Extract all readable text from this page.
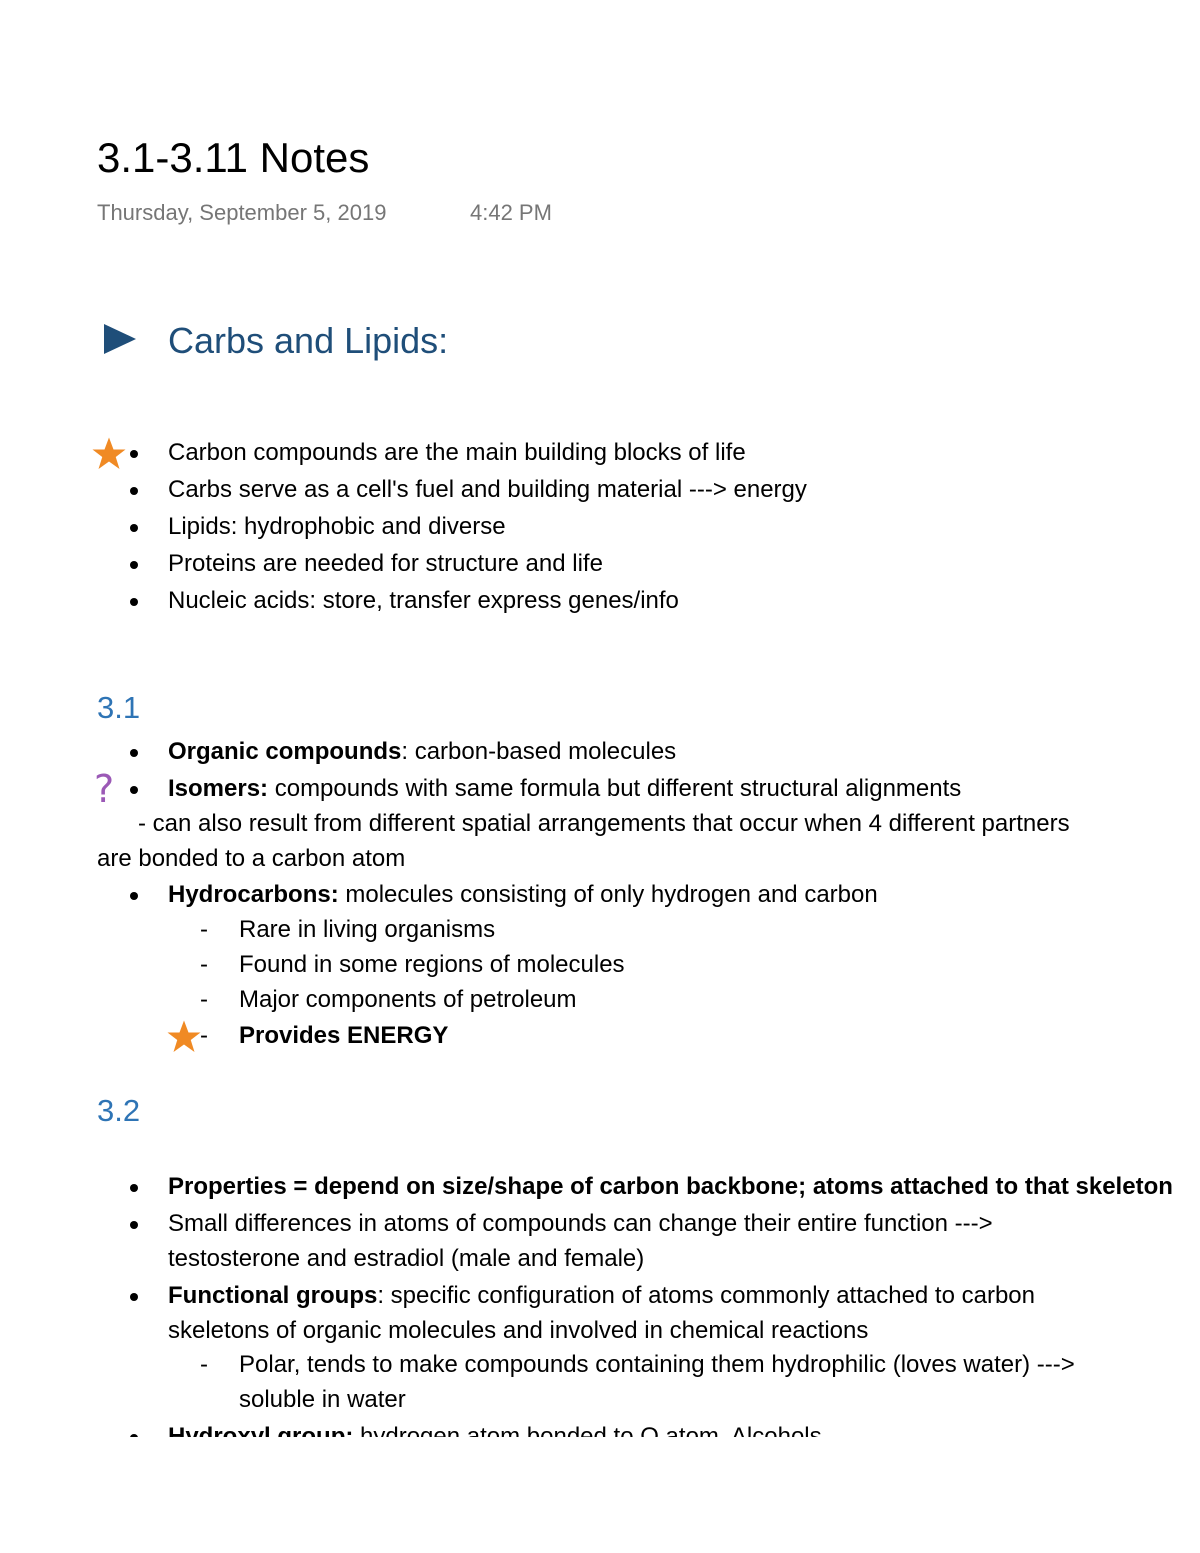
3.1-3.11 Notes
Thursday, September 5, 2019	4:42 PM
Carbs and Lipids:
Carbon compounds are the main building blocks of life
Carbs serve as a cell's fuel and building material ---> energy
Lipids: hydrophobic and diverse
Proteins are needed for structure and life
Nucleic acids: store, transfer express genes/info
3.1
Organic compounds: carbon-based molecules
? Isomers: compounds with same formula but different structural alignments
- can also result from different spatial arrangements that occur when 4 different partners
are bonded to a carbon atom
Hydrocarbons: molecules consisting of only hydrogen and carbon
- Rare in living organisms
- Found in some regions of molecules
- Major components of petroleum
- Provides ENERGY
3.2
Properties = depend on size/shape of carbon backbone; atoms attached to that skeleton
Small differences in atoms of compounds can change their entire function --->
testosterone and estradiol (male and female)
Functional groups: specific configuration of atoms commonly attached to carbon
skeletons of organic molecules and involved in chemical reactions
- Polar, tends to make compounds containing them hydrophilic (loves water) --->
soluble in water
